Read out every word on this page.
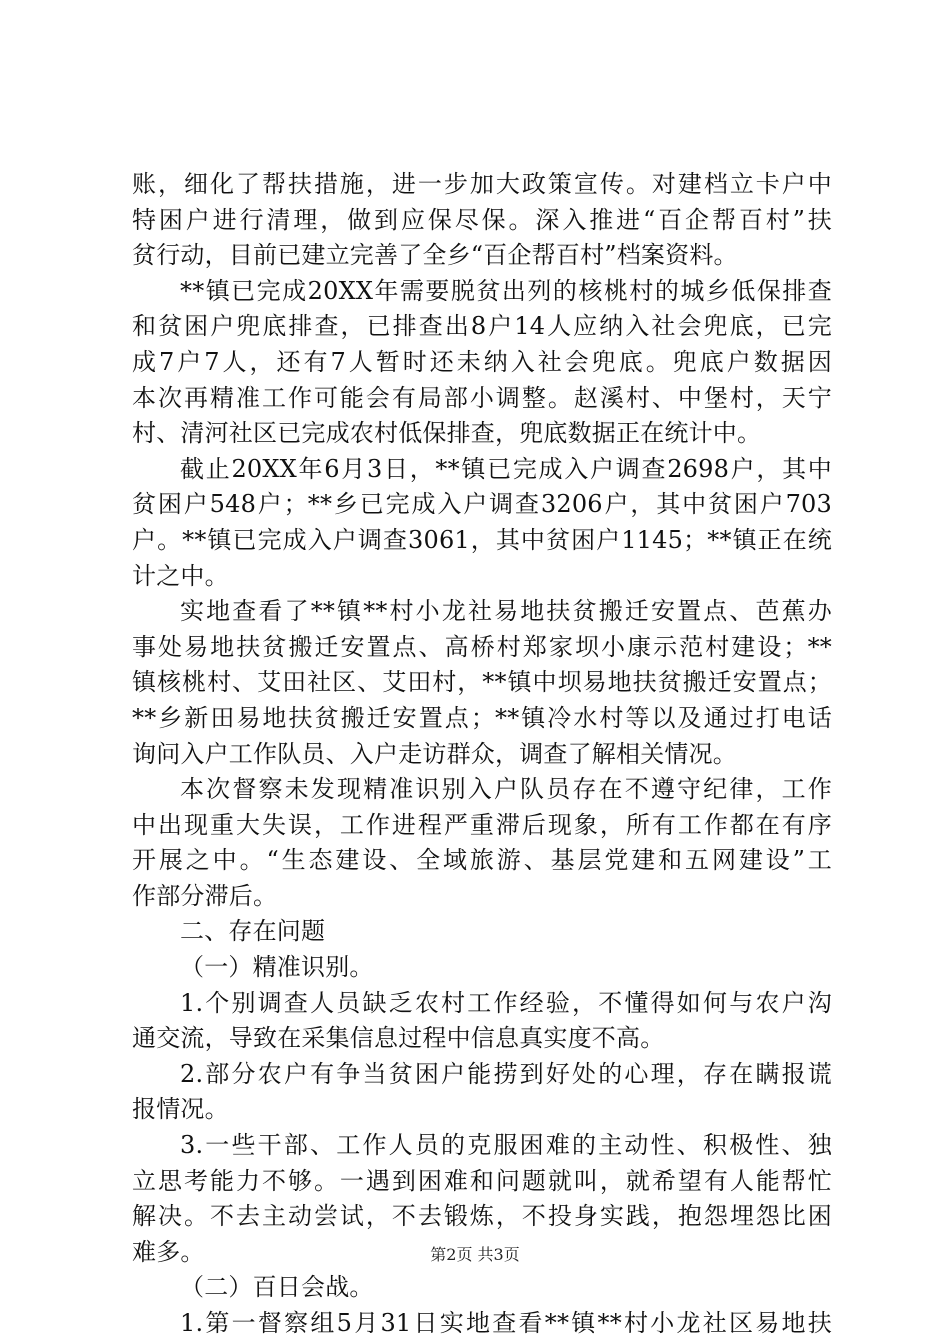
账，细化了帮扶措施，进一步加大政策宣传。对建档立卡户中
特困户进行清理，做到应保尽保。深入推进“百企帮百村”扶
贫行动，目前已建立完善了全乡“百企帮百村”档案资料。
**镇已完成20XX年需要脱贫出列的核桃村的城乡低保排查
和贫困户兜底排查，已排查出8户14人应纳入社会兜底，已完
成7户7人，还有7人暂时还未纳入社会兜底。兜底户数据因
本次再精准工作可能会有局部小调整。赵溪村、中堡村，天宁
村、清河社区已完成农村低保排查，兜底数据正在统计中。
截止20XX年6月3日，**镇已完成入户调查2698户，其中
贫困户548户；**乡已完成入户调查3206户，其中贫困户703
户。**镇已完成入户调查3061，其中贫困户1145；**镇正在统
计之中。
实地查看了**镇**村小龙社易地扶贫搬迁安置点、芭蕉办
事处易地扶贫搬迁安置点、高桥村郑家坝小康示范村建设；**
镇核桃村、艾田社区、艾田村，**镇中坝易地扶贫搬迁安置点；
**乡新田易地扶贫搬迁安置点；**镇冷水村等以及通过打电话
询问入户工作队员、入户走访群众，调查了解相关情况。
本次督察未发现精准识别入户队员存在不遵守纪律，工作
中出现重大失误，工作进程严重滞后现象，所有工作都在有序
开展之中。“生态建设、全域旅游、基层党建和五网建设”工
作部分滞后。
二、存在问题
（一）精准识别。
1.个别调查人员缺乏农村工作经验，不懂得如何与农户沟
通交流，导致在采集信息过程中信息真实度不高。
2.部分农户有争当贫困户能捞到好处的心理，存在瞒报谎
报情况。
3.一些干部、工作人员的克服困难的主动性、积极性、独
立思考能力不够。一遇到困难和问题就叫，就希望有人能帮忙
解决。不去主动尝试，不去锻炼，不投身实践，抱怨埋怨比困
难多。
（二）百日会战。
1.第一督察组5月31日实地查看**镇**村小龙社区易地扶
第2页 共3页
